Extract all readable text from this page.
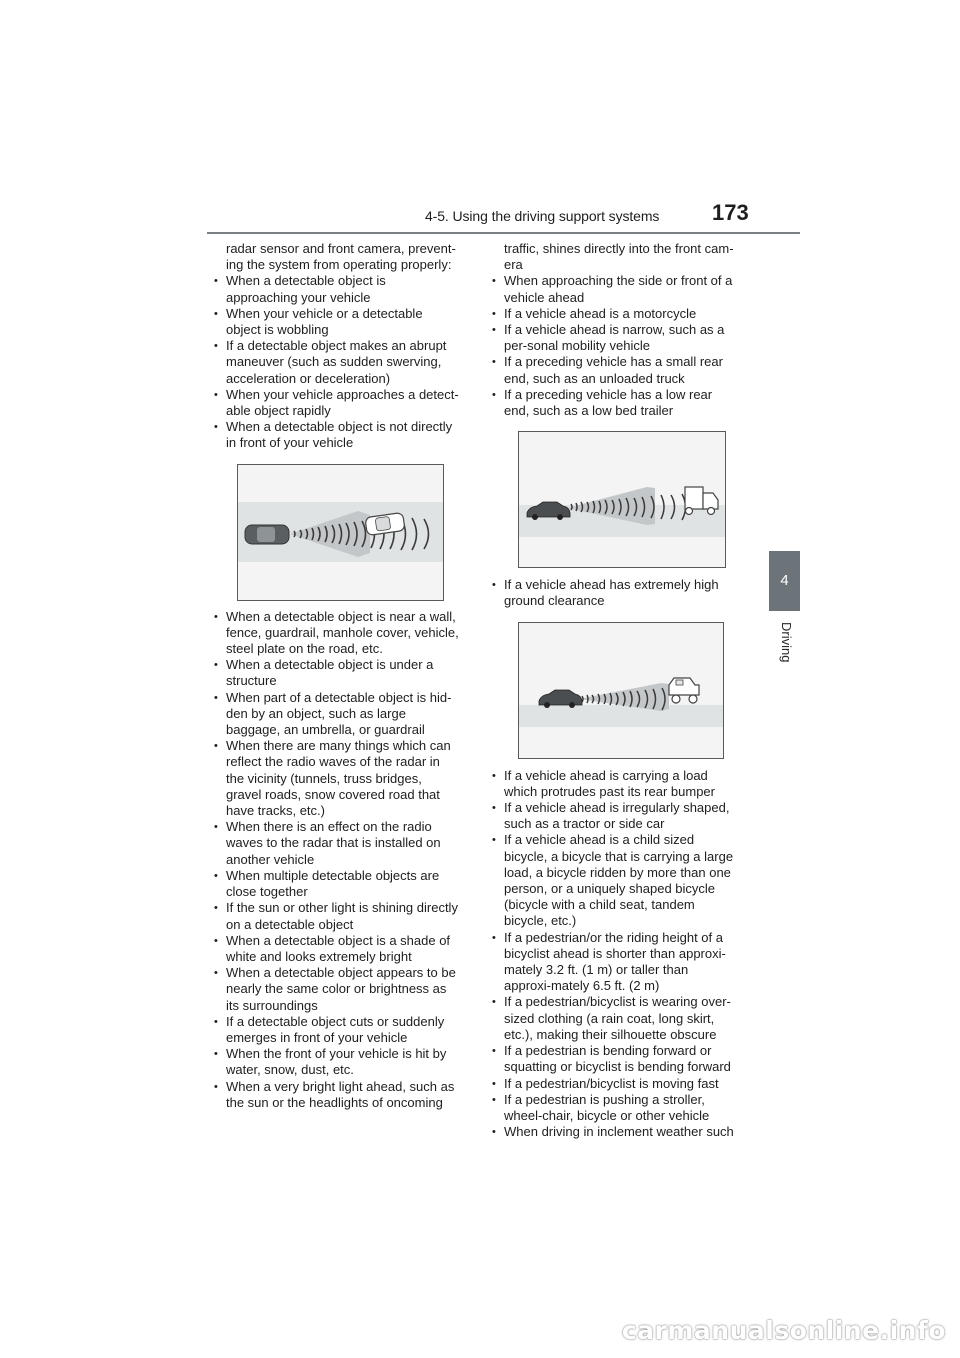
4-5. Using the driving support systems 173
4
Driving

radar sensor and front camera, prevent-ing the system from operating properly:

• When a detectable object is approaching your vehicle
• When your vehicle or a detectable object is wobbling
• If a detectable object makes an abrupt maneuver (such as sudden swerving, acceleration or deceleration)
• When your vehicle approaches a detect-able object rapidly
• When a detectable object is not directly in front of your vehicle
• When a detectable object is near a wall, fence, guardrail, manhole cover, vehicle, steel plate on the road, etc.
• When a detectable object is under a structure
• When part of a detectable object is hid-den by an object, such as large baggage, an umbrella, or guardrail
• When there are many things which can reflect the radio waves of the radar in the vicinity (tunnels, truss bridges, gravel roads, snow covered road that have tracks, etc.)
• When there is an effect on the radio waves to the radar that is installed on another vehicle
• When multiple detectable objects are close together
• If the sun or other light is shining directly on a detectable object
• When a detectable object is a shade of white and looks extremely bright
• When a detectable object appears to be nearly the same color or brightness as its surroundings
• If a detectable object cuts or suddenly emerges in front of your vehicle
• When the front of your vehicle is hit by water, snow, dust, etc.
• When a very bright light ahead, such as the sun or the headlights of oncoming

traffic, shines directly into the front cam-era

• When approaching the side or front of a vehicle ahead
• If a vehicle ahead is a motorcycle
• If a vehicle ahead is narrow, such as a per-sonal mobility vehicle
• If a preceding vehicle has a small rear end, such as an unloaded truck
• If a preceding vehicle has a low rear end, such as a low bed trailer
• If a vehicle ahead has extremely high ground clearance
• If a vehicle ahead is carrying a load which protrudes past its rear bumper
• If a vehicle ahead is irregularly shaped, such as a tractor or side car
• If a vehicle ahead is a child sized bicycle, a bicycle that is carrying a large load, a bicycle ridden by more than one person, or a uniquely shaped bicycle (bicycle with a child seat, tandem bicycle, etc.)
• If a pedestrian/or the riding height of a bicyclist ahead is shorter than approxi-mately 3.2 ft. (1 m) or taller than approxi-mately 6.5 ft. (2 m)
• If a pedestrian/bicyclist is wearing over-sized clothing (a rain coat, long skirt, etc.), making their silhouette obscure
• If a pedestrian is bending forward or squatting or bicyclist is bending forward
• If a pedestrian/bicyclist is moving fast
• If a pedestrian is pushing a stroller, wheel-chair, bicycle or other vehicle
• When driving in inclement weather such
carmanualsonline.info
